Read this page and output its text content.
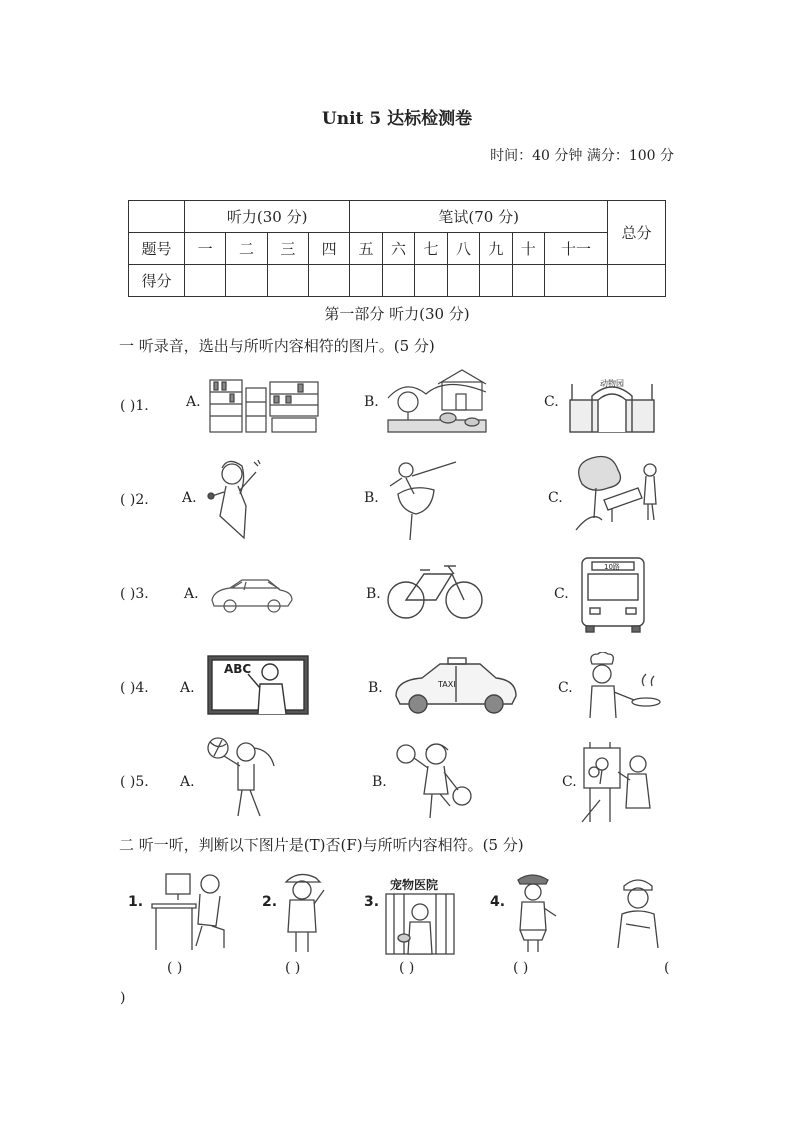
Unit 5 达标检测卷
时间：40 分钟 满分：100 分
	听力(30 分)				笔试(70 分)							总分
题号	一	二	三	四	五	六	七	八	九	十	十一	
得分												
第一部分 听力(30 分)
一 听录音，选出与所听内容相符的图片。(5 分)
( )1.	A.	B.	C.
动物园
( )2. A.	B.	C.
( )3.	A.	B.	C.
10路
( )4. A.
ABC
B.	TAXI	C.
( )5. A.	B.	C.
二 听一听，判断以下图片是(T)否(F)与所听内容相符。(5 分)
1.
( )
2.
( )
3.
宠物医院
( )
4.
( )	(
)
